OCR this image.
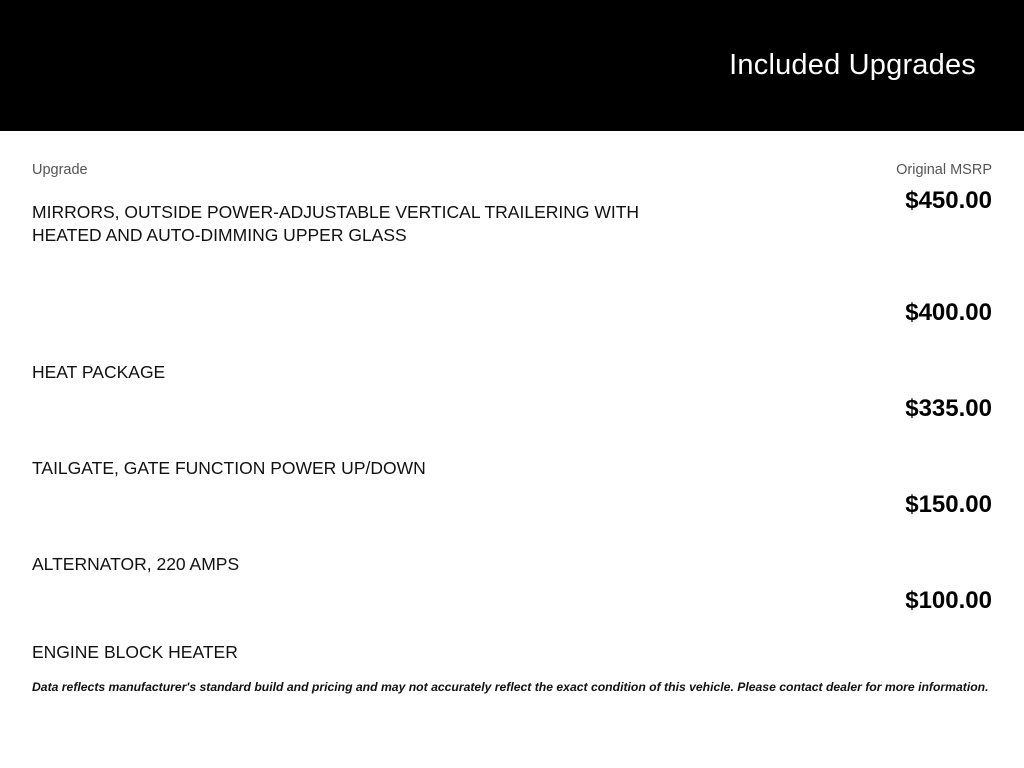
Included Upgrades
Upgrade	Original MSRP
MIRRORS, OUTSIDE POWER-ADJUSTABLE VERTICAL TRAILERING WITH HEATED AND AUTO-DIMMING UPPER GLASS
$450.00
HEAT PACKAGE
$400.00
TAILGATE, GATE FUNCTION POWER UP/DOWN
$335.00
ALTERNATOR, 220 AMPS
$150.00
ENGINE BLOCK HEATER
$100.00
Data reflects manufacturer's standard build and pricing and may not accurately reflect the exact condition of this vehicle. Please contact dealer for more information.
